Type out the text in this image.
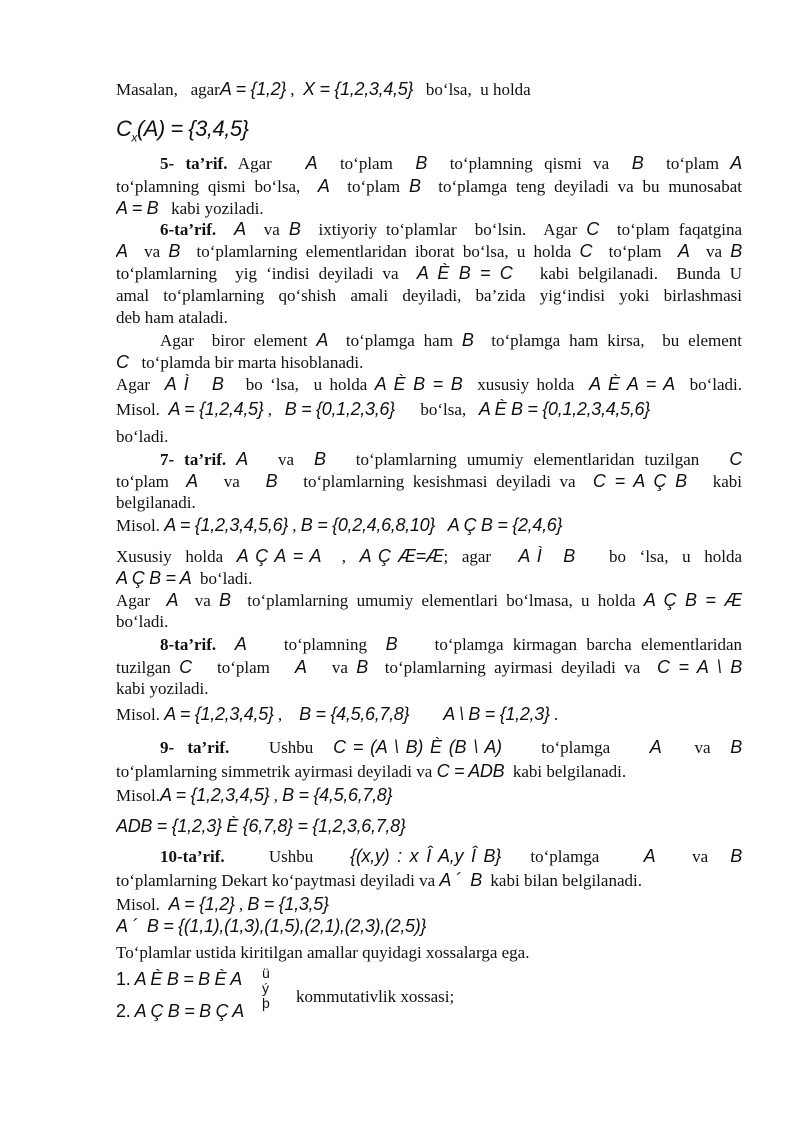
Masalan,   agarA = {1,2} ,  X = {1,2,3,4,5}   bo‘lsa,  u holda
$C_x(A) = \{3,4,5\}$
5- ta’rif. Agar   A  to‘plam  B  to‘plamning qismi va  B  to‘plam A
to‘plamning qismi bo‘lsa,  A  to‘plam B  to‘plamga teng deyiladi va bu munosabat
A = B   kabi yoziladi.
6-ta’rif. A  va B  ixtiyoriy to‘plamlar  bo‘lsin.  Agar C  to‘plam faqatgina
A  va B  to‘plamlarning elementlaridan iborat bo‘lsa, u holda C  to‘plam  A  va B
to‘plamlarning  yig ‘indisi deyiladi va  A È B = C   kabi belgilanadi.  Bunda U
amal to‘plamlarning qo‘shish amali deyiladi, ba’zida yig‘indisi yoki birlashmasi
deb ham ataladi.
Agar  biror element A  to‘plamga ham B  to‘plamga ham kirsa,  bu element
C   to‘plamda bir marta hisoblanadi.
Agar  A Ì   B   bo ‘lsa,  u holda A È B = B  xususiy holda  A È A = A  bo‘ladi.
Misol.  A = {1,2,4,5} ,   B = {0,1,2,3,6}      bo‘lsa,   A È B = {0,1,2,3,4,5,6}
bo‘ladi.
7- ta’rif. A   va  B   to‘plamlarning umumiy elementlaridan tuzilgan   C
to‘plam  A   va   B   to‘plamlarning kesishmasi deyiladi va  C = A Ç B   kabi
belgilanadi.
Misol. A = {1,2,3,4,5,6} , B = {0,2,4,6,8,10} A Ç B = {2,4,6}
Xususiy  holda  A Ç A = A   ,  A Ç Æ=Æ;  agar    A Ì   B     bo  ‘lsa,  u  holda
A Ç B = A  bo‘ladi.
Agar  A  va B  to‘plamlarning umumiy elementlari bo‘lmasa, u holda A Ç B = Æ
bo‘ladi.
8-ta’rif. A    to‘plamning  B    to‘plamga kirmagan barcha elementlaridan
tuzilgan C   to‘plam   A   va B  to‘plamlarning ayirmasi deyiladi va  C = A \ B
kabi yoziladi.
Misol. A = {1,2,3,4,5} ,    B = {4,5,6,7,8} A \ B = {1,2,3} .
9-  ta’rif.      Ushbu   C = (A \ B) È (B \ A)      to‘plamga      A     va   B
to‘plamlarning simmetrik ayirmasi deyiladi va C = ADB  kabi belgilanadi.
Misol.A = {1,2,3,4,5} , B = {4,5,6,7,8}
ADB = {1,2,3} È {6,7,8} = {1,2,3,6,7,8}
10-ta’rif.      Ushbu     {(x,y) : x Î A,y Î B}    to‘plamga      A     va   B
to‘plamlarning Dekart ko‘paytmasi deyiladi va A ´  B  kabi bilan belgilanadi.
Misol.  A = {1,2} , B = {1,3,5}
A ´  B = {(1,1),(1,3),(1,5),(2,1),(2,3),(2,5)}
To‘plamlar ustida kiritilgan amallar quyidagi xossalarga ega.
1. A È B = B È A
2. A Ç B = B Ç A
kommutativlik xossasi;
ü
ý
þ
